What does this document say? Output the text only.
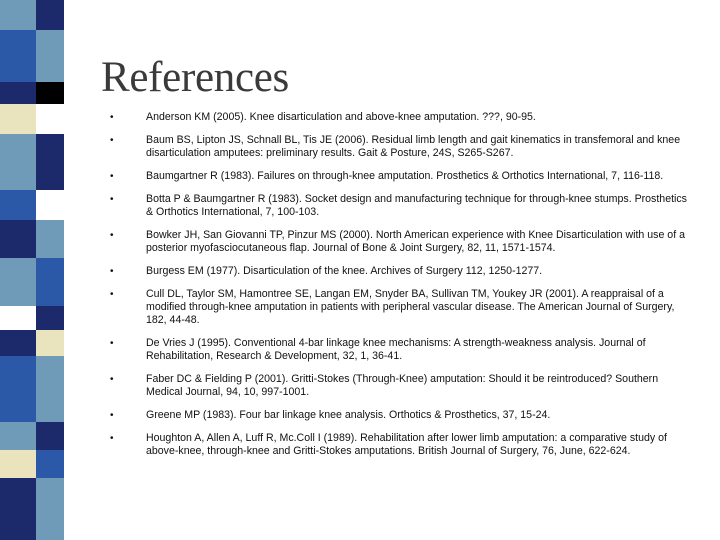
References
•	Anderson KM (2005). Knee disarticulation and above-knee amputation. ???, 90-95.
•	Baum BS, Lipton JS, Schnall BL, Tis JE (2006). Residual limb length and gait kinematics in transfemoral and knee disarticulation amputees: preliminary results. Gait & Posture, 24S, S265-S267.
•	Baumgartner R (1983). Failures on through-knee amputation. Prosthetics & Orthotics International, 7, 116-118.
•	Botta P & Baumgartner R (1983). Socket design and manufacturing technique for through-knee stumps. Prosthetics & Orthotics International, 7, 100-103.
•	Bowker JH, San Giovanni TP, Pinzur MS (2000). North American experience with Knee Disarticulation with use of a posterior myofasciocutaneous flap. Journal of Bone & Joint Surgery, 82, 11, 1571-1574.
•	Burgess EM (1977). Disarticulation of the knee. Archives of Surgery 112, 1250-1277.
•	Cull DL, Taylor SM, Hamontree SE, Langan EM, Snyder BA, Sullivan TM, Youkey JR (2001). A reappraisal of a modified through-knee amputation in patients with peripheral vascular disease. The American Journal of Surgery, 182, 44-48.
•	De Vries J (1995). Conventional 4-bar linkage knee mechanisms: A strength-weakness analysis. Journal of Rehabilitation, Research & Development, 32, 1, 36-41.
•	Faber DC & Fielding P (2001). Gritti-Stokes (Through-Knee) amputation: Should it be reintroduced? Southern Medical Journal, 94, 10, 997-1001.
•	Greene MP (1983). Four bar linkage knee analysis. Orthotics & Prosthetics, 37, 15-24.
•	Houghton A, Allen A, Luff R, Mc.Coll I (1989). Rehabilitation after lower limb amputation: a comparative study of above-knee, through-knee and Gritti-Stokes amputations. British Journal of Surgery, 76, June, 622-624.
